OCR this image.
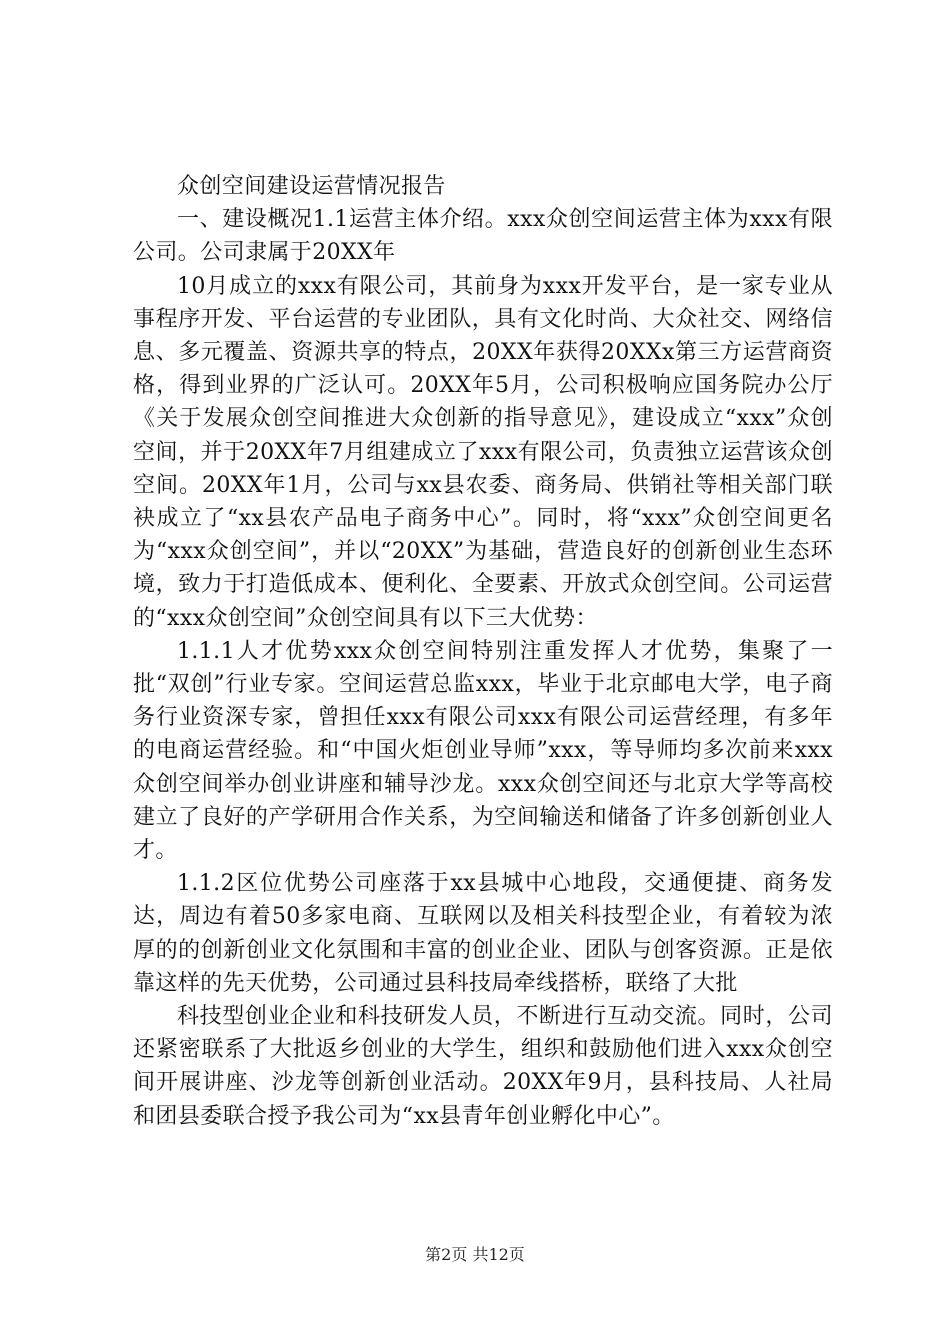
众创空间建设运营情况报告

一、建设概况1.1运营主体介绍。xxx众创空间运营主体为xxx有限公司。公司隶属于20XX年

10月成立的xxx有限公司，其前身为xxx开发平台，是一家专业从事程序开发、平台运营的专业团队，具有文化时尚、大众社交、网络信息、多元覆盖、资源共享的特点，20XX年获得20XXx第三方运营商资格，得到业界的广泛认可。20XX年5月，公司积极响应国务院办公厅《关于发展众创空间推进大众创新的指导意见》，建设成立“xxx”众创空间，并于20XX年7月组建成立了xxx有限公司，负责独立运营该众创空间。20XX年1月，公司与xx县农委、商务局、供销社等相关部门联袂成立了“xx县农产品电子商务中心”。同时，将“xxx”众创空间更名为“xxx众创空间”，并以“20XX”为基础，营造良好的创新创业生态环境，致力于打造低成本、便利化、全要素、开放式众创空间。公司运营的“xxx众创空间”众创空间具有以下三大优势：

1.1.1人才优势xxx众创空间特别注重发挥人才优势，集聚了一批“双创”行业专家。空间运营总监xxx，毕业于北京邮电大学，电子商务行业资深专家，曾担任xxx有限公司xxx有限公司运营经理，有多年的电商运营经验。和“中国火炬创业导师”xxx，等导师均多次前来xxx众创空间举办创业讲座和辅导沙龙。xxx众创空间还与北京大学等高校建立了良好的产学研用合作关系，为空间输送和储备了许多创新创业人才。

1.1.2区位优势公司座落于xx县城中心地段，交通便捷、商务发达，周边有着50多家电商、互联网以及相关科技型企业，有着较为浓厚的的创新创业文化氛围和丰富的创业企业、团队与创客资源。正是依靠这样的先天优势，公司通过县科技局牵线搭桥，联络了大批

科技型创业企业和科技研发人员，不断进行互动交流。同时，公司还紧密联系了大批返乡创业的大学生，组织和鼓励他们进入xxx众创空间开展讲座、沙龙等创新创业活动。20XX年9月，县科技局、人社局和团县委联合授予我公司为“xx县青年创业孵化中心”。

第2页 共12页
